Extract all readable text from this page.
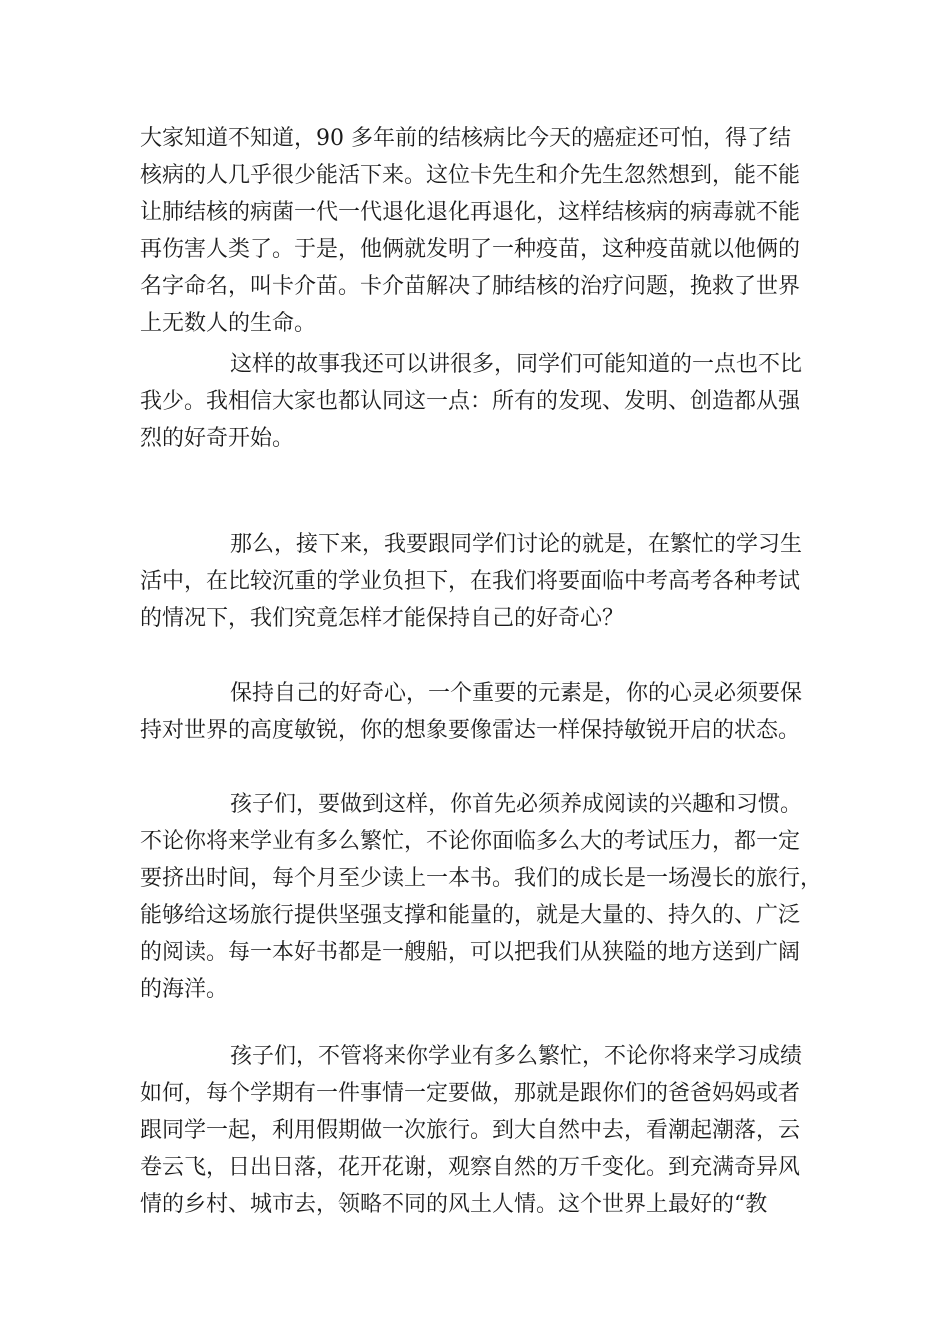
大家知道不知道，90 多年前的结核病比今天的癌症还可怕，得了结
核病的人几乎很少能活下来。这位卡先生和介先生忽然想到，能不能
让肺结核的病菌一代一代退化退化再退化，这样结核病的病毒就不能
再伤害人类了。于是，他俩就发明了一种疫苗，这种疫苗就以他俩的
名字命名，叫卡介苗。卡介苗解决了肺结核的治疗问题，挽救了世界
上无数人的生命。
这样的故事我还可以讲很多，同学们可能知道的一点也不比
我少。我相信大家也都认同这一点：所有的发现、发明、创造都从强
烈的好奇开始。
那么，接下来，我要跟同学们讨论的就是，在繁忙的学习生
活中，在比较沉重的学业负担下，在我们将要面临中考高考各种考试
的情况下，我们究竟怎样才能保持自己的好奇心？
保持自己的好奇心，一个重要的元素是，你的心灵必须要保
持对世界的高度敏锐，你的想象要像雷达一样保持敏锐开启的状态。
孩子们，要做到这样，你首先必须养成阅读的兴趣和习惯。
不论你将来学业有多么繁忙，不论你面临多么大的考试压力，都一定
要挤出时间，每个月至少读上一本书。我们的成长是一场漫长的旅行，
能够给这场旅行提供坚强支撑和能量的，就是大量的、持久的、广泛
的阅读。每一本好书都是一艘船，可以把我们从狭隘的地方送到广阔
的海洋。
孩子们，不管将来你学业有多么繁忙，不论你将来学习成绩
如何，每个学期有一件事情一定要做，那就是跟你们的爸爸妈妈或者
跟同学一起，利用假期做一次旅行。到大自然中去，看潮起潮落，云
卷云飞，日出日落，花开花谢，观察自然的万千变化。到充满奇异风
情的乡村、城市去，领略不同的风土人情。这个世界上最好的“教
